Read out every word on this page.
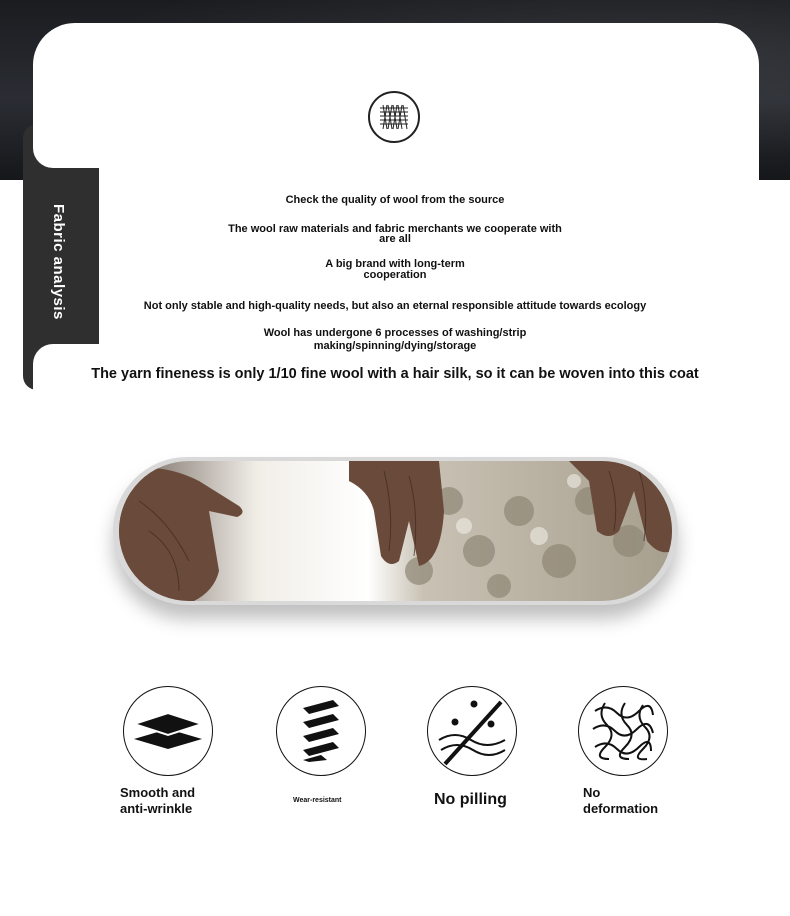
Fabric analysis
Check the quality of wool from the source
The wool raw materials and fabric merchants we cooperate with
are all
A big brand with long-term
cooperation
Not only stable and high-quality needs, but also an eternal responsible attitude towards ecology
Wool has undergone 6 processes of washing/strip
making/spinning/dying/storage
The yarn fineness is only 1/10 fine wool with a hair silk, so it can be woven into this coat
Smooth and
anti-wrinkle
Wear-resistant	No pilling	No
deformation
